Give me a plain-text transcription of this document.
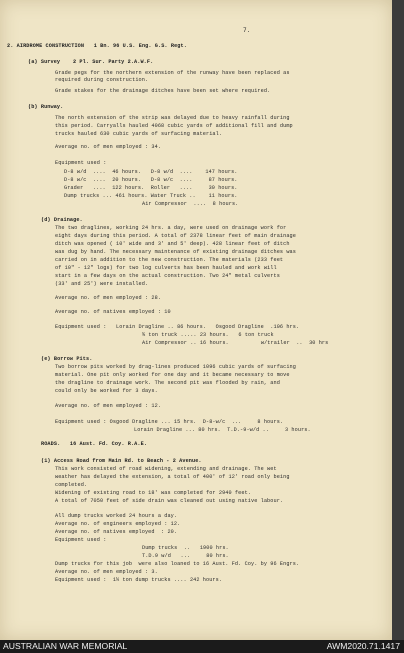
7.
2. AIRDROME CONSTRUCTION   1 Bn. 96 U.S. Eng. G.S. Regt.
(a) Survey    2 Pl. Sur. Party 2.A.W.F.
Grade pegs for the northern extension of the runway have been replaced as
required during construction.
Grade stakes for the drainage ditches have been set where required.
(b) Runway.
The north extension of the strip was delayed due to heavy rainfall during
this period. Carryalls hauled 4068 cubic yards of additional fill and dump
trucks hauled 630 cubic yards of surfacing material.
Average no. of men employed : 34.
Equipment used :
D-8 w/d  ....  46 hours.   D-8 w/d  ....    147 hours.
D-8 w/c  ....  20 hours.   D-8 w/c  ....     87 hours.
Grader   ....  122 hours.  Roller   ....     30 hours.
Dump trucks ... 461 hours. Water Truck ..    11 hours.
Air Compressor  ....  8 hours.
(d) Drainage.
The two draglines, working 24 hrs. a day, were used on drainage work for
eight days during this period. A total of 2378 linear feet of main drainage
ditch was opened ( 10' wide and 3' and 5' deep). 428 linear feet of ditch
was dug by hand. The necessary maintenance of existing drainage ditches was
carried on in addition to the new construction. The materials (233 feet
of 10" - 12" logs) for two log culverts has been hauled and work will
start in a few days on the actual construction. Two 24" metal culverts
(33' and 25') were installed.
Average no. of men employed : 28.
Average no. of natives employed : 10
Equipment used :   Lorain Dragline .. 86 hours.   Osgood Dragline  .106 hrs.
¾ ton truck ..... 23 hours.   6 ton truck
Air Compressor .. 16 hours.          w/trailer  ..  30 hrs
(e) Borrow Pits.
Two borrow pits worked by drag-lines produced 1096 cubic yards of surfacing
material. One pit only worked for one day and it became necessary to move
the dragline to drainage work. The second pit was flooded by rain, and
could only be worked for 3 days.
Average no. of men employed : 12.
Equipment used : Osgood Dragline ... 15 hrs.  D-8-w/c  ...     8 hours.
Lorain Dragline ... 80 hrs.  T.D.-9-w/d ..     3 hours.
ROADS.   16 Aust. Fd. Coy. R.A.E.
(1) Access Road from Main Rd. to Beach - 2 Avenue.
This work consisted of road widening, extending and drainage. The wet
weather has delayed the extension, a total of 400' of 12' road only being
completed.
Widening of existing road to 18' was completed for 2940 feet.
A total of 7050 feet of side drain was cleaned out using native labour.
All dump trucks worked 24 hours a day.
Average no. of engineers employed : 12.
Average no. of natives employed  : 20.
Equipment used :
Dump trucks  ..   1900 hrs.
T.D.9 w/d   ...     80 hrs.
Dump trucks for this job  were also loaned to 16 Aust. Fd. Coy. by 96 Engrs.
Average no. of men employed : 3.
Equipment used :  1½ ton dump trucks .... 242 hours.
AUSTRALIAN WAR MEMORIAL	AWM2020.71.1417
